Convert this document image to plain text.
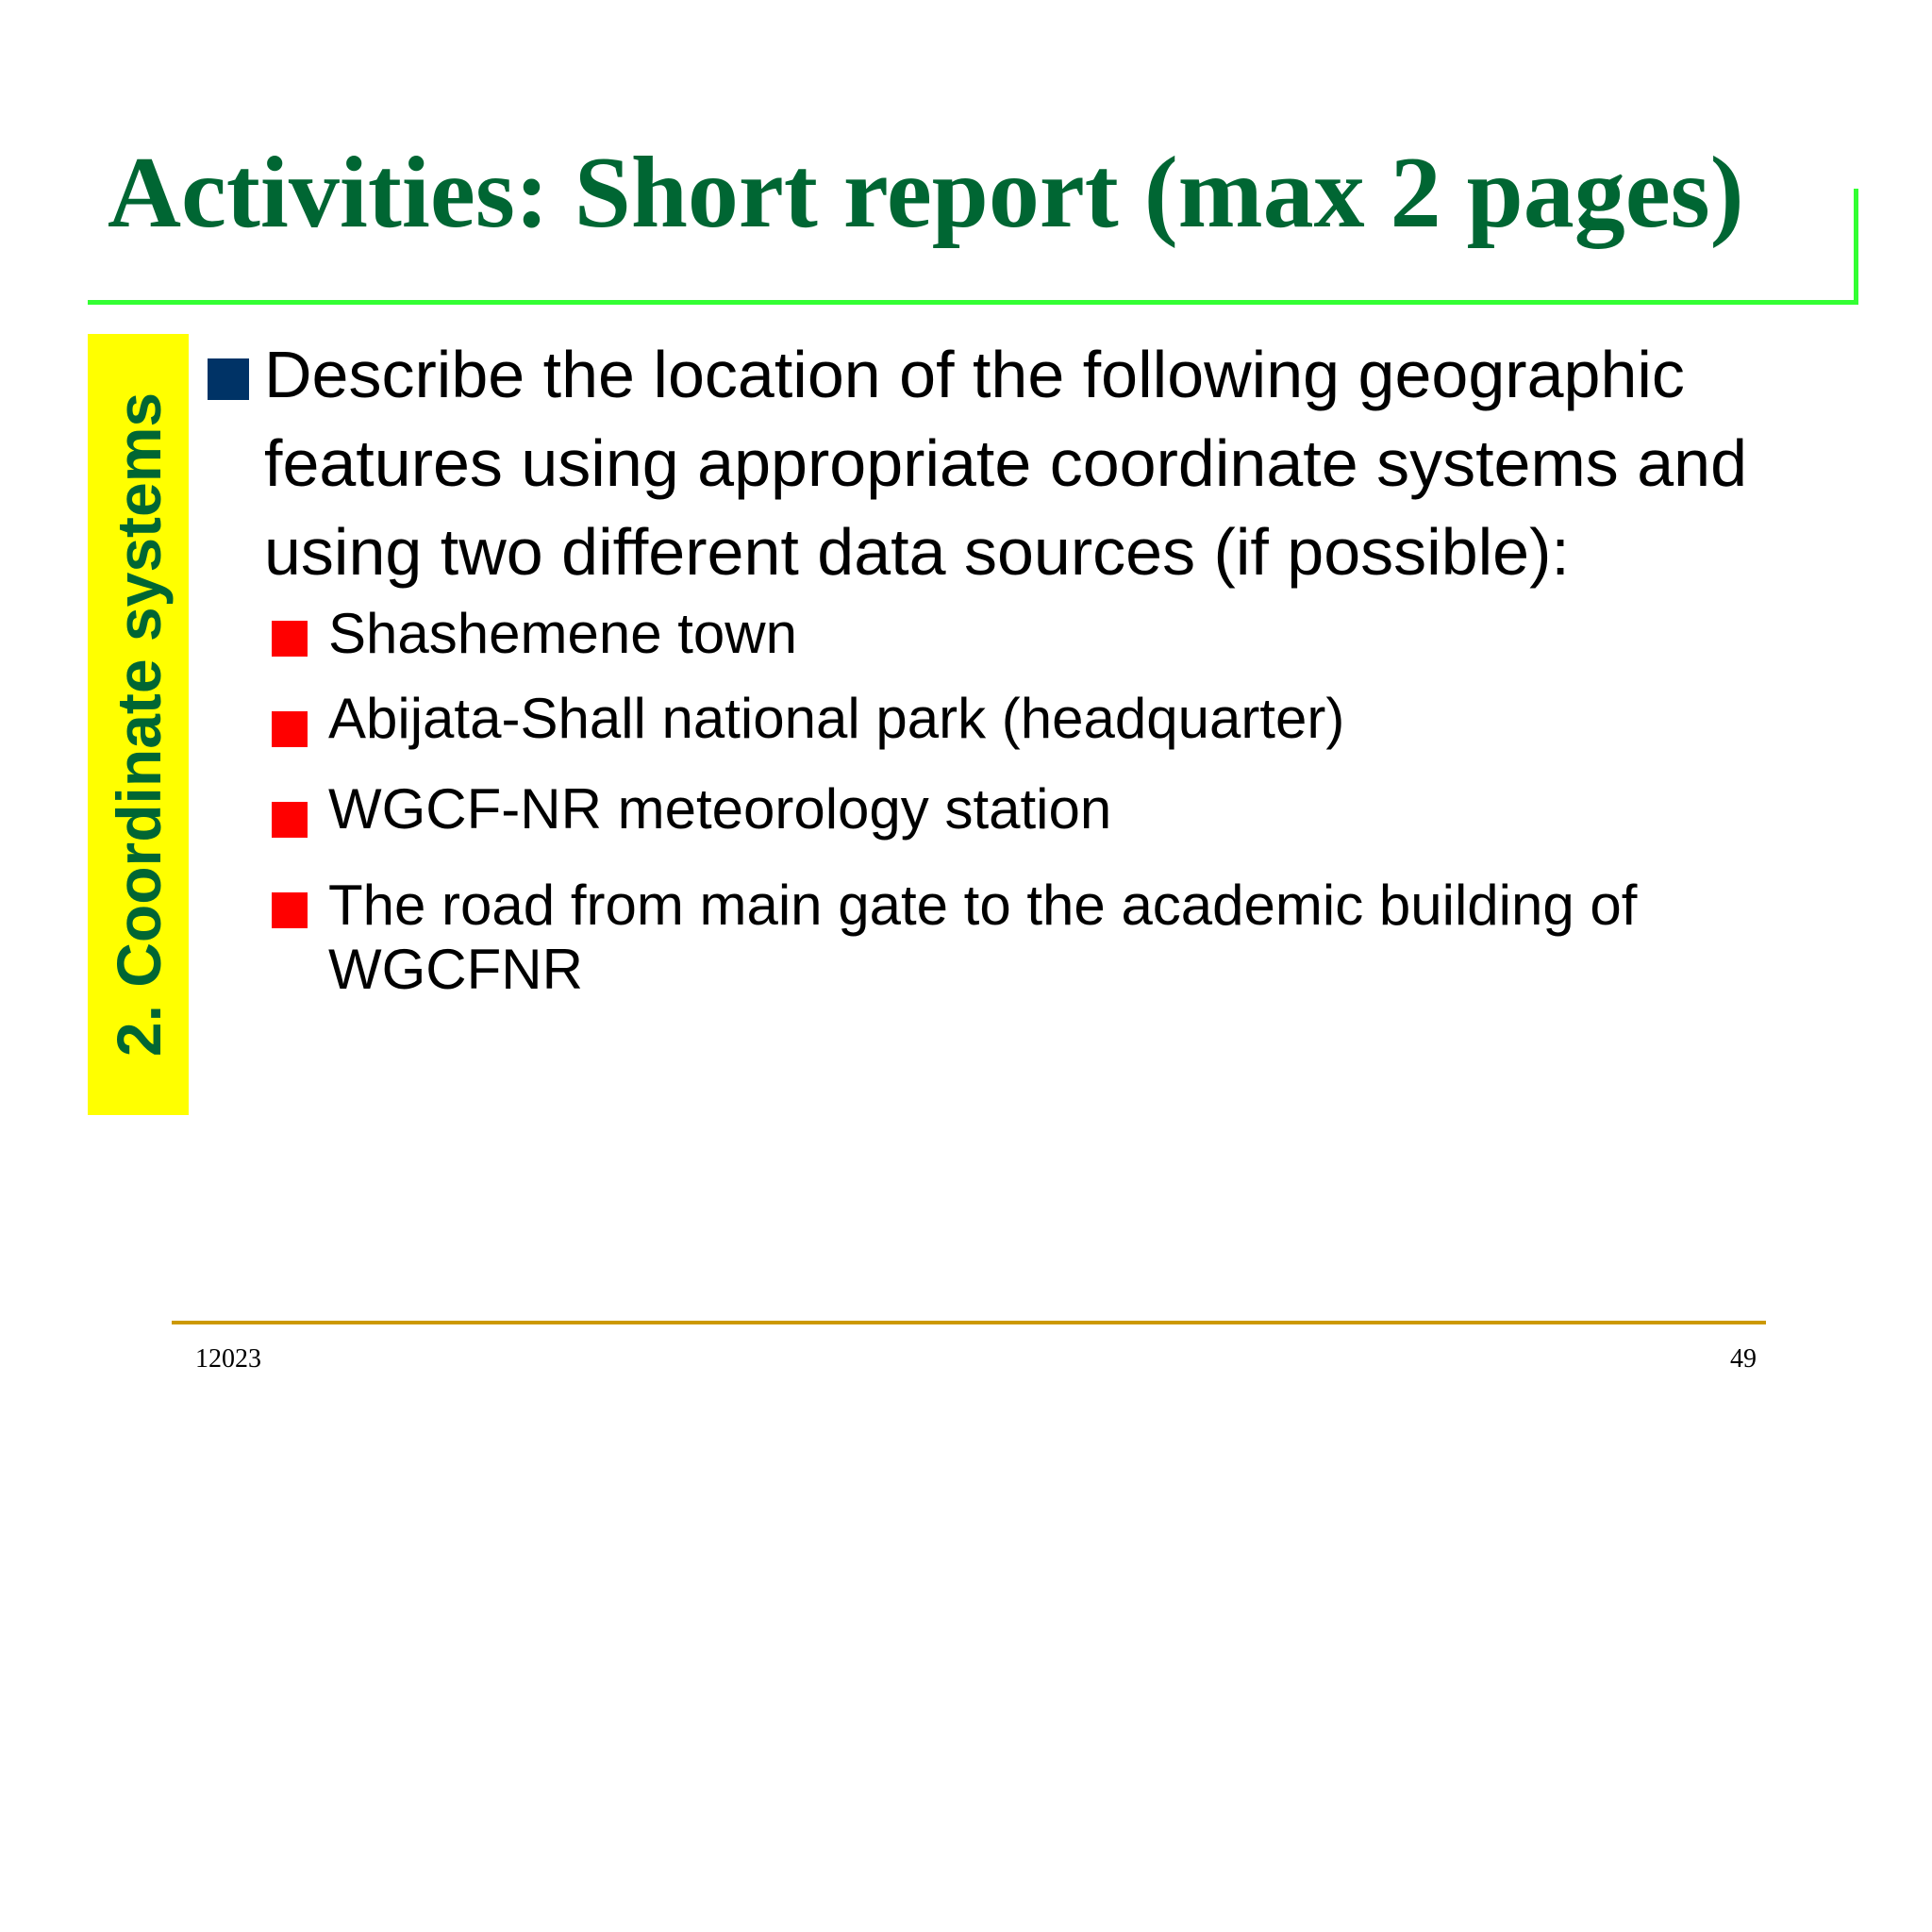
Activities: Short report (max 2 pages)
2. Coordinate systems
Describe the location of the following geographic features using appropriate coordinate systems and using two different data sources (if possible):
Shashemene town
Abijata-Shall national park (headquarter)
WGCF-NR meteorology station
The road from main gate to the academic building of WGCFNR
12023	49
